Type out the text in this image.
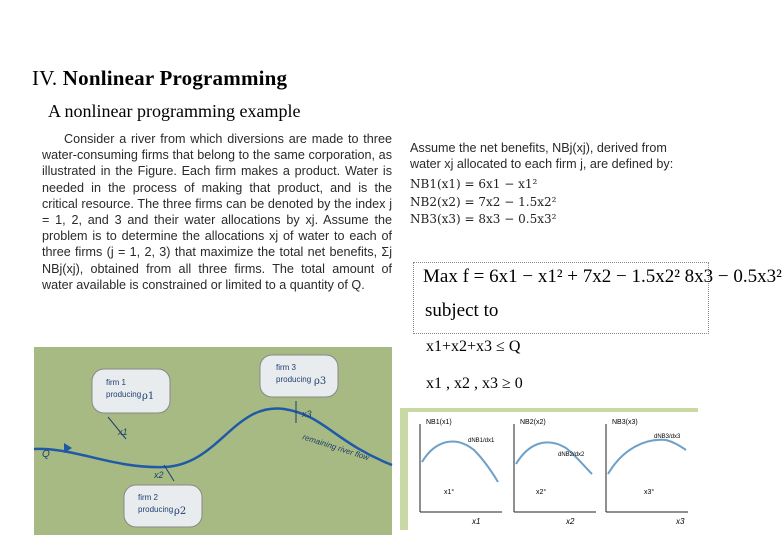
IV. Nonlinear Programming
A nonlinear programming example

Consider a river from which diversions are made to three water-consuming firms that belong to the same corporation, as illustrated in the Figure. Each firm makes a product. Water is needed in the process of making that product, and is the critical resource. The three firms can be denoted by the index j = 1, 2, and 3 and their water allocations by xj. Assume the problem is to determine the allocations xj of water to each of three firms (j = 1, 2, 3) that maximize the total net benefits, Σj NBj(xj), obtained from all three firms. The total amount of water available is constrained or limited to a quantity of Q.

Assume the net benefits, NBj(xj), derived from water xj allocated to each firm j, are defined by:
NB1(x1) = 6x1 − x1²
NB2(x2) = 7x2 − 1.5x2²
NB3(x3) = 8x3 − 0.5x3²
Max f = 6x1 − x1² + 7x2 − 1.5x2² 8x3 − 0.5x3²
subject to
x1+x2+x3 ≤ Q
x1 , x2 , x3 ≥ 0
Q
firm 1
producing ρ1
x1
firm 2
producing ρ2
x2
firm 3
producing ρ3
x3
remaining river flow
NB1(x1)
dNB1/dx1
x1°
x1
NB2(x2)
dNB2/dx2
x2°
x2
NB3(x3)
dNB3/dx3
x3°
x3
